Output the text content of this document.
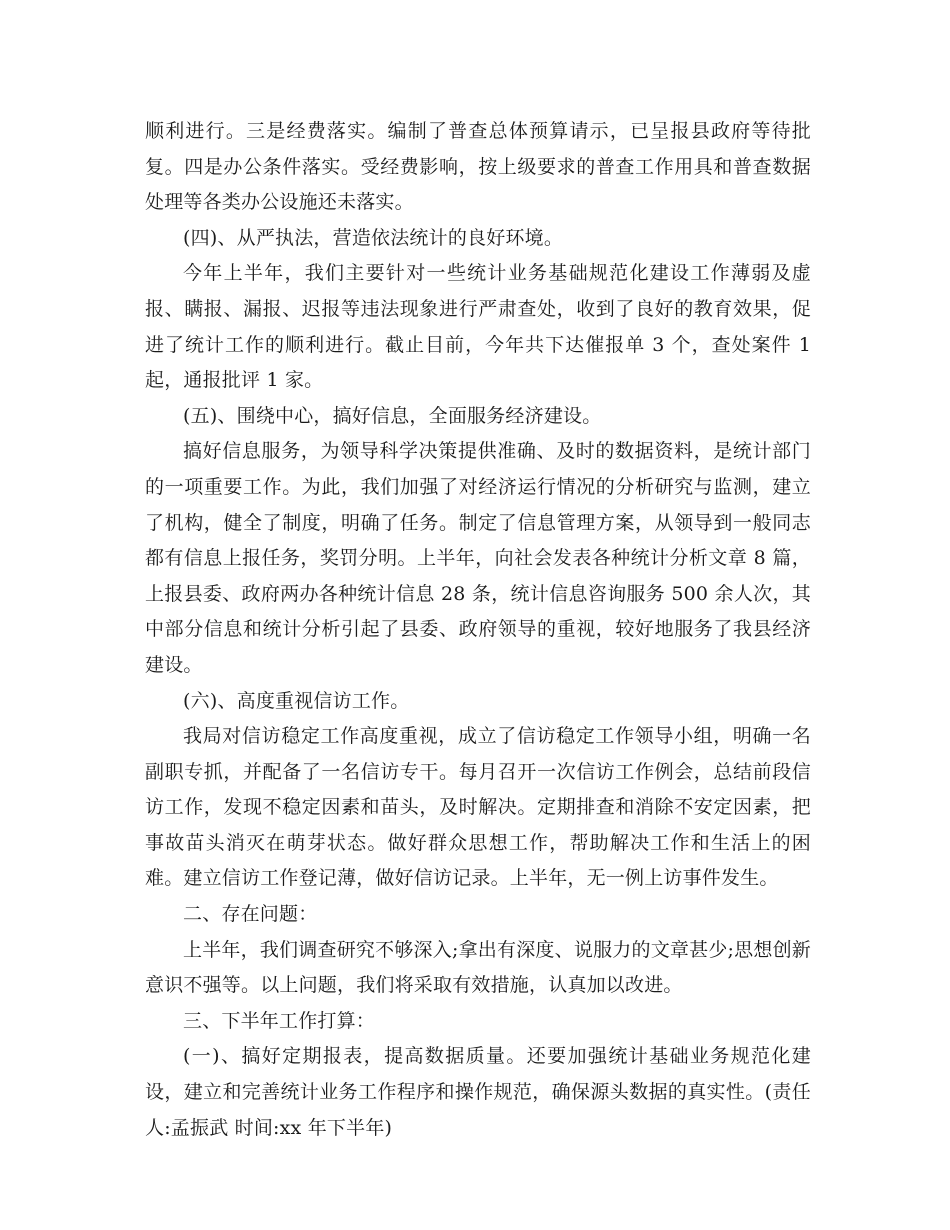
顺利进行。三是经费落实。编制了普查总体预算请示，已呈报县政府等待批复。四是办公条件落实。受经费影响，按上级要求的普查工作用具和普查数据处理等各类办公设施还未落实。

(四)、从严执法，营造依法统计的良好环境。

今年上半年，我们主要针对一些统计业务基础规范化建设工作薄弱及虚报、瞒报、漏报、迟报等违法现象进行严肃查处，收到了良好的教育效果，促进了统计工作的顺利进行。截止目前，今年共下达催报单 3 个，查处案件 1 起，通报批评 1 家。

(五)、围绕中心，搞好信息，全面服务经济建设。

搞好信息服务，为领导科学决策提供准确、及时的数据资料，是统计部门的一项重要工作。为此，我们加强了对经济运行情况的分析研究与监测，建立了机构，健全了制度，明确了任务。制定了信息管理方案，从领导到一般同志都有信息上报任务，奖罚分明。上半年，向社会发表各种统计分析文章 8 篇，上报县委、政府两办各种统计信息 28 条，统计信息咨询服务 500 余人次，其中部分信息和统计分析引起了县委、政府领导的重视，较好地服务了我县经济建设。

(六)、高度重视信访工作。

我局对信访稳定工作高度重视，成立了信访稳定工作领导小组，明确一名副职专抓，并配备了一名信访专干。每月召开一次信访工作例会，总结前段信访工作，发现不稳定因素和苗头，及时解决。定期排查和消除不安定因素，把事故苗头消灭在萌芽状态。做好群众思想工作，帮助解决工作和生活上的困难。建立信访工作登记薄，做好信访记录。上半年，无一例上访事件发生。

二、存在问题：

上半年，我们调查研究不够深入;拿出有深度、说服力的文章甚少;思想创新意识不强等。以上问题，我们将采取有效措施，认真加以改进。

三、下半年工作打算：

(一)、搞好定期报表，提高数据质量。还要加强统计基础业务规范化建设，建立和完善统计业务工作程序和操作规范，确保源头数据的真实性。(责任人:孟振武 时间:xx 年下半年)
